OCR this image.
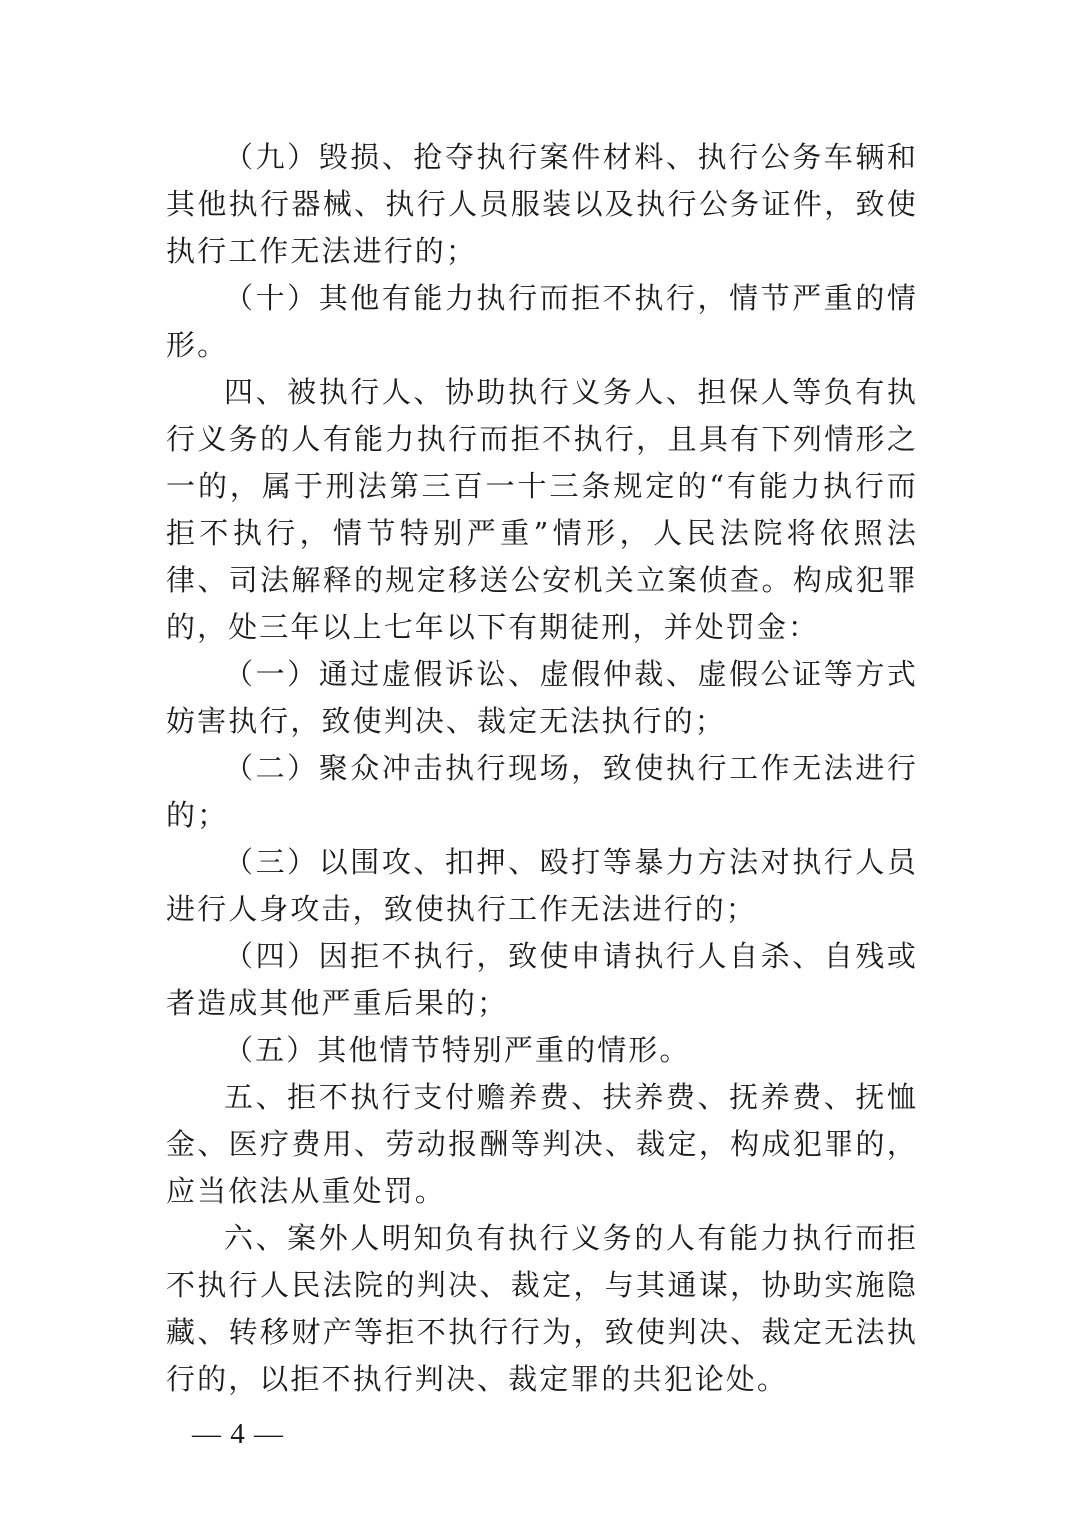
（九）毁损、抢夺执行案件材料、执行公务车辆和其他执行器械、执行人员服装以及执行公务证件，致使执行工作无法进行的；

（十）其他有能力执行而拒不执行，情节严重的情形。

四、被执行人、协助执行义务人、担保人等负有执行义务的人有能力执行而拒不执行，且具有下列情形之一的，属于刑法第三百一十三条规定的“有能力执行而拒不执行，情节特别严重”情形，人民法院将依照法律、司法解释的规定移送公安机关立案侦查。构成犯罪的，处三年以上七年以下有期徒刑，并处罚金：

（一）通过虚假诉讼、虚假仲裁、虚假公证等方式妨害执行，致使判决、裁定无法执行的；

（二）聚众冲击执行现场，致使执行工作无法进行的；

（三）以围攻、扣押、殴打等暴力方法对执行人员进行人身攻击，致使执行工作无法进行的；

（四）因拒不执行，致使申请执行人自杀、自残或者造成其他严重后果的；

（五）其他情节特别严重的情形。

五、拒不执行支付赡养费、扶养费、抚养费、抚恤金、医疗费用、劳动报酬等判决、裁定，构成犯罪的，应当依法从重处罚。

六、案外人明知负有执行义务的人有能力执行而拒不执行人民法院的判决、裁定，与其通谋，协助实施隐藏、转移财产等拒不执行行为，致使判决、裁定无法执行的，以拒不执行判决、裁定罪的共犯论处。

— 4 —
